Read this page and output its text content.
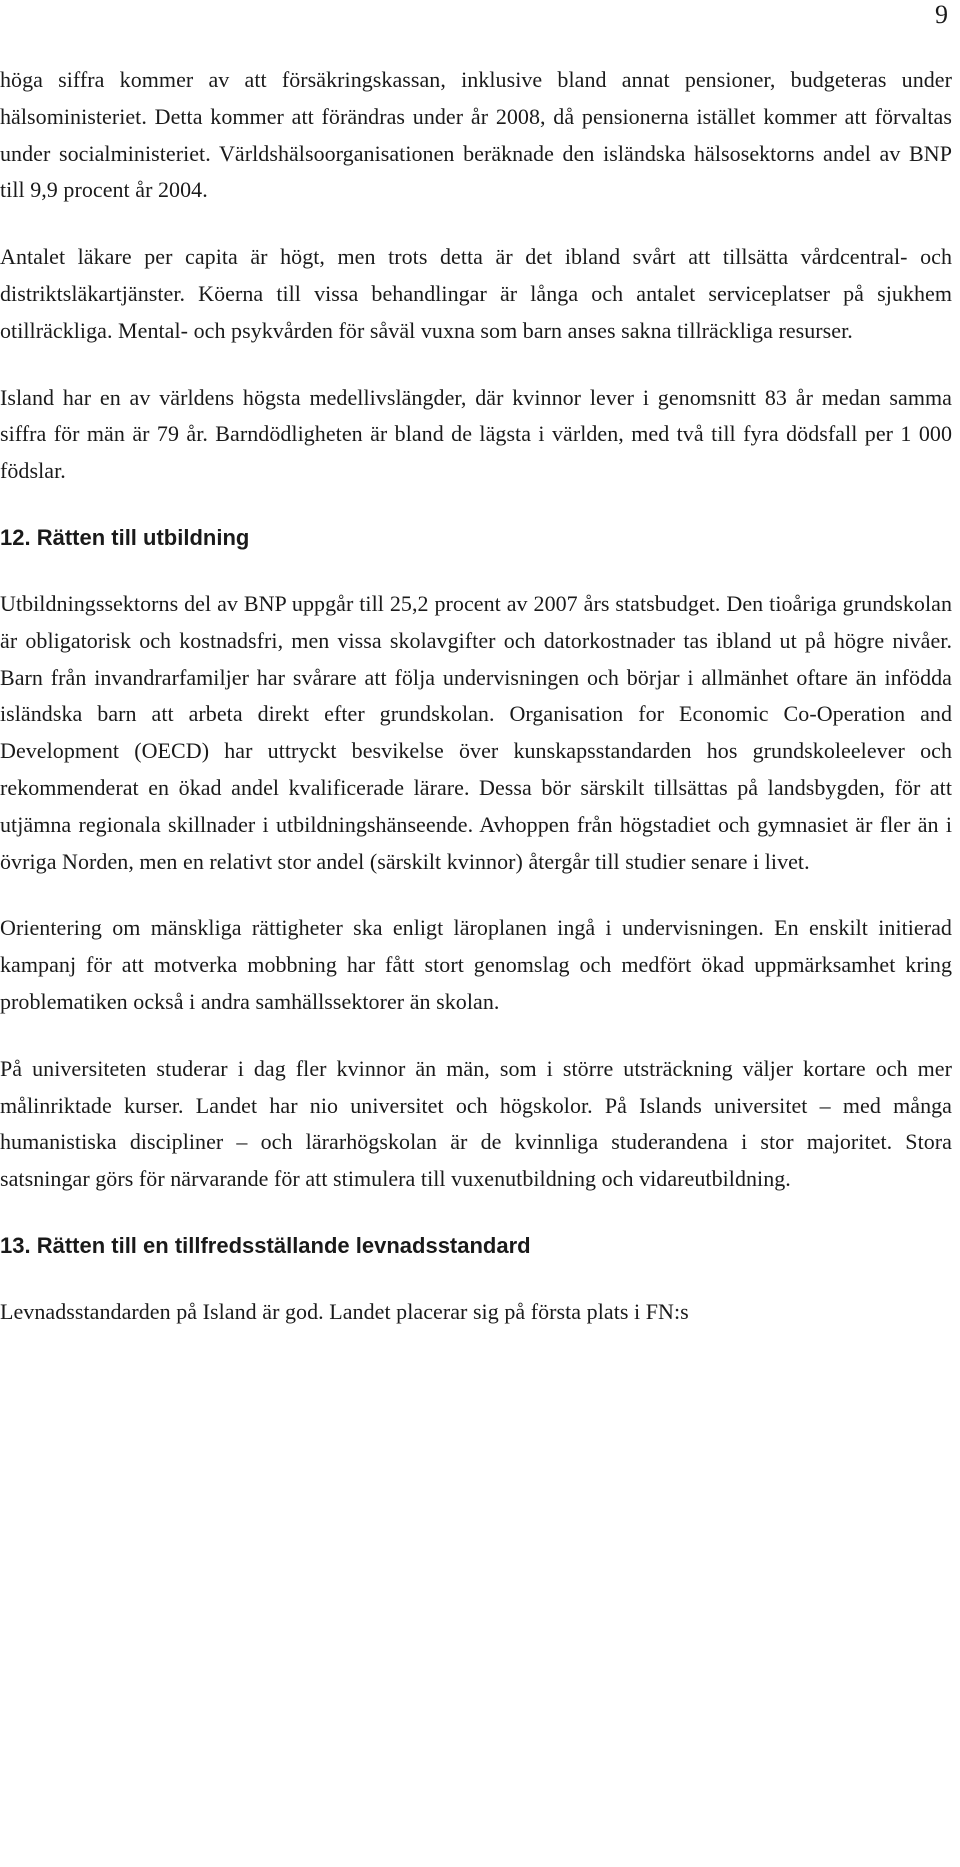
9

höga siffra kommer av att försäkringskassan, inklusive bland annat pensioner, budgeteras under hälsoministeriet. Detta kommer att förändras under år 2008, då pensionerna istället kommer att förvaltas under socialministeriet. Världshälsoorganisationen beräknade den isländska hälsosektorns andel av BNP till 9,9 procent år 2004.

Antalet läkare per capita är högt, men trots detta är det ibland svårt att tillsätta vårdcentral- och distriktsläkartjänster. Köerna till vissa behandlingar är långa och antalet serviceplatser på sjukhem otillräckliga. Mental- och psykvården för såväl vuxna som barn anses sakna tillräckliga resurser.

Island har en av världens högsta medellivslängder, där kvinnor lever i genomsnitt 83 år medan samma siffra för män är 79 år. Barndödligheten är bland de lägsta i världen, med två till fyra dödsfall per 1 000 födslar.

12. Rätten till utbildning

Utbildningssektorns del av BNP uppgår till 25,2 procent av 2007 års statsbudget. Den tioåriga grundskolan är obligatorisk och kostnadsfri, men vissa skolavgifter och datorkostnader tas ibland ut på högre nivåer. Barn från invandrarfamiljer har svårare att följa undervisningen och börjar i allmänhet oftare än infödda isländska barn att arbeta direkt efter grundskolan. Organisation for Economic Co-Operation and Development (OECD) har uttryckt besvikelse över kunskapsstandarden hos grundskoleelever och rekommenderat en ökad andel kvalificerade lärare. Dessa bör särskilt tillsättas på landsbygden, för att utjämna regionala skillnader i utbildningshänseende. Avhoppen från högstadiet och gymnasiet är fler än i övriga Norden, men en relativt stor andel (särskilt kvinnor) återgår till studier senare i livet.

Orientering om mänskliga rättigheter ska enligt läroplanen ingå i undervisningen. En enskilt initierad kampanj för att motverka mobbning har fått stort genomslag och medfört ökad uppmärksamhet kring problematiken också i andra samhällssektorer än skolan.

På universiteten studerar i dag fler kvinnor än män, som i större utsträckning väljer kortare och mer målinriktade kurser. Landet har nio universitet och högskolor. På Islands universitet – med många humanistiska discipliner – och lärarhögskolan är de kvinnliga studerandena i stor majoritet. Stora satsningar görs för närvarande för att stimulera till vuxenutbildning och vidareutbildning.

13. Rätten till en tillfredsställande levnadsstandard

Levnadsstandarden på Island är god. Landet placerar sig på första plats i FN:s
